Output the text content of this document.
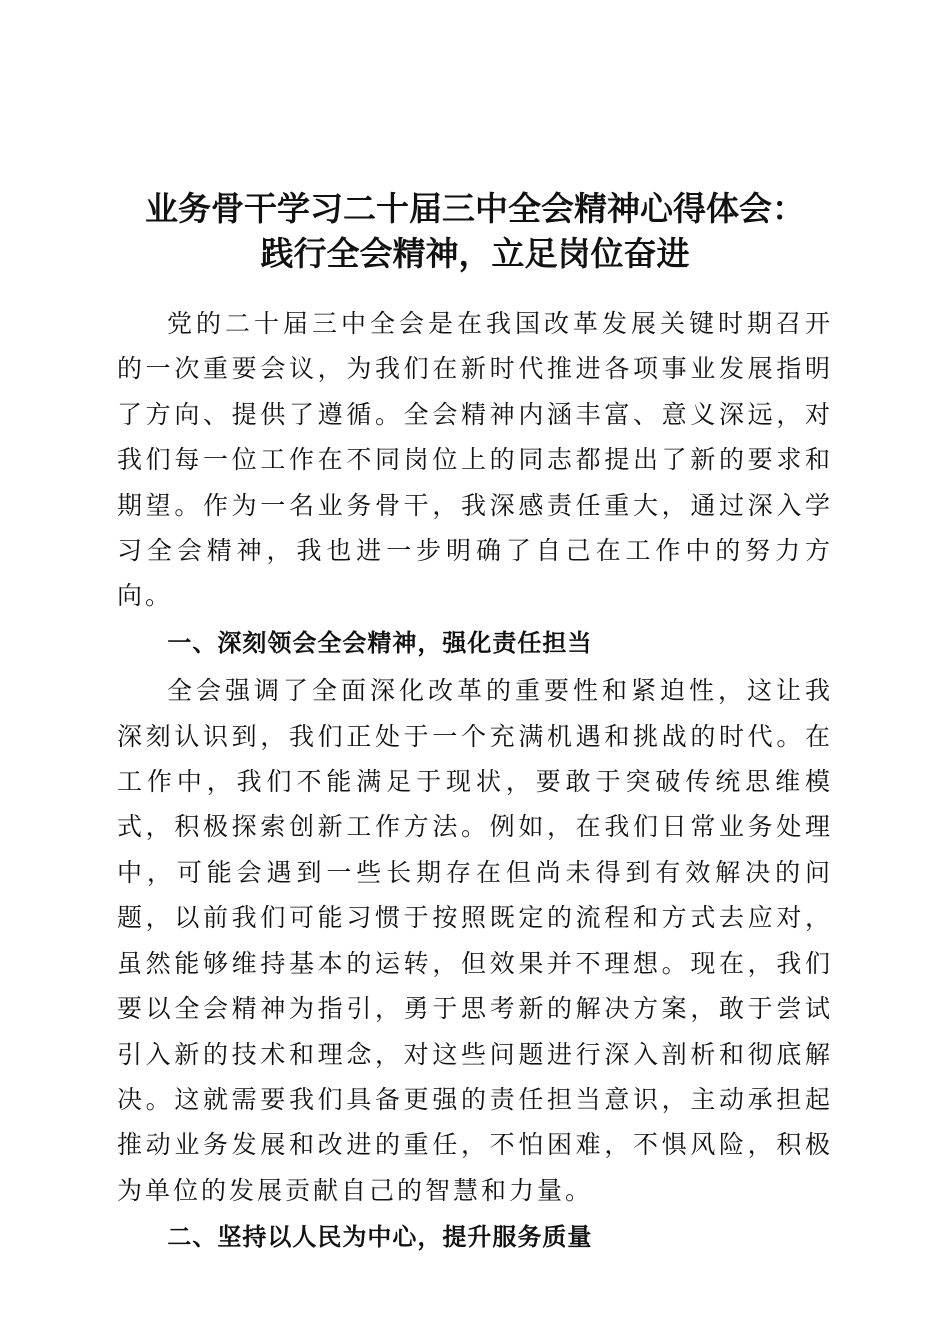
业务骨干学习二十届三中全会精神心得体会：
践行全会精神，立足岗位奋进

党的二十届三中全会是在我国改革发展关键时期召开的一次重要会议，为我们在新时代推进各项事业发展指明了方向、提供了遵循。全会精神内涵丰富、意义深远，对我们每一位工作在不同岗位上的同志都提出了新的要求和期望。作为一名业务骨干，我深感责任重大，通过深入学习全会精神，我也进一步明确了自己在工作中的努力方向。

一、深刻领会全会精神，强化责任担当

全会强调了全面深化改革的重要性和紧迫性，这让我深刻认识到，我们正处于一个充满机遇和挑战的时代。在工作中，我们不能满足于现状，要敢于突破传统思维模式，积极探索创新工作方法。例如，在我们日常业务处理中，可能会遇到一些长期存在但尚未得到有效解决的问题，以前我们可能习惯于按照既定的流程和方式去应对，虽然能够维持基本的运转，但效果并不理想。现在，我们要以全会精神为指引，勇于思考新的解决方案，敢于尝试引入新的技术和理念，对这些问题进行深入剖析和彻底解决。这就需要我们具备更强的责任担当意识，主动承担起推动业务发展和改进的重任，不怕困难，不惧风险，积极为单位的发展贡献自己的智慧和力量。

二、坚持以人民为中心，提升服务质量
